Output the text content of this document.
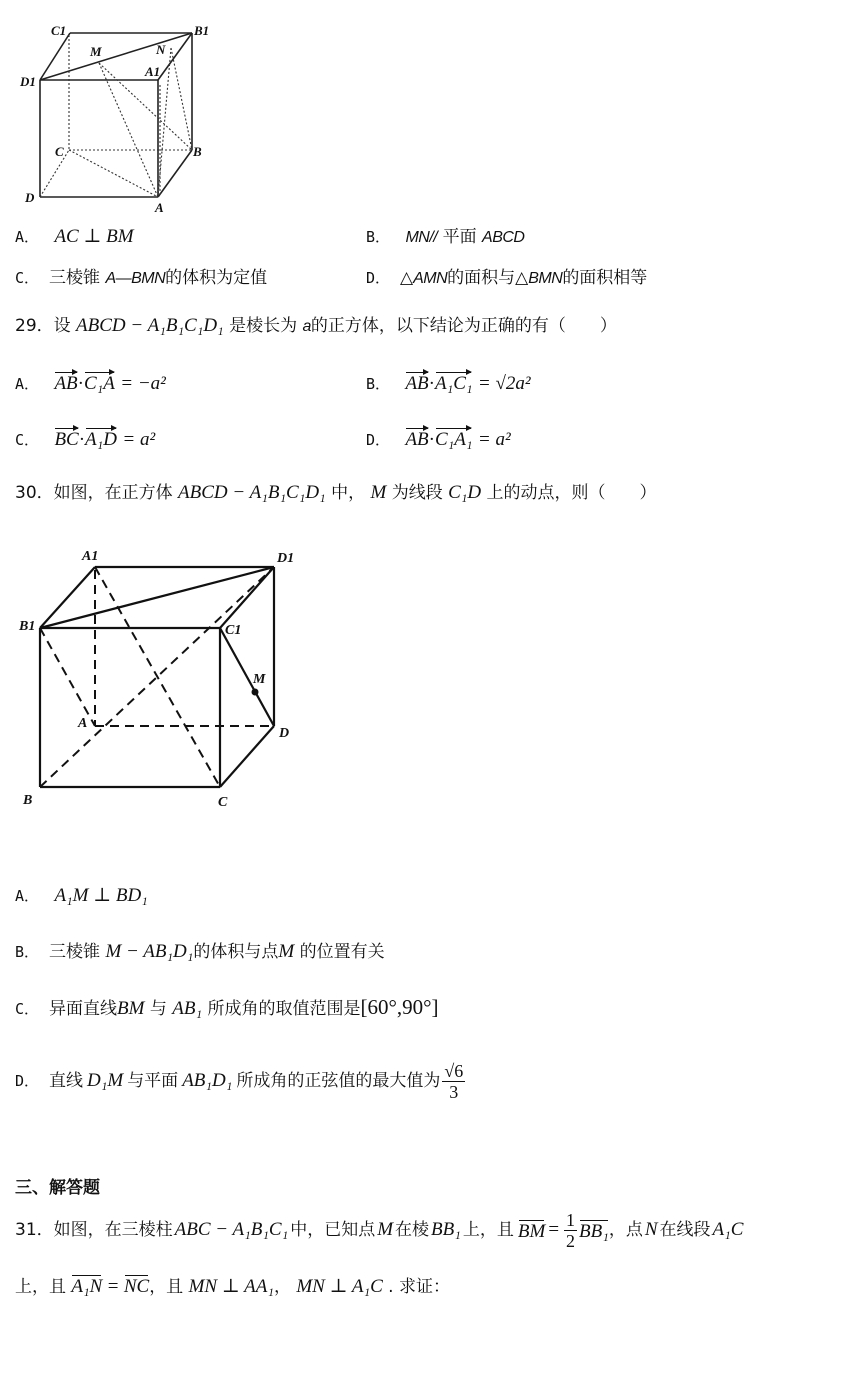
C1	B1
M	N
D1
A1
C	B
D
A
A． AC ⊥ BM	B． MN// 平面 ABCD
C． 三棱锥 A—BMN的体积为定值	D． △AMN的面积与△BMN的面积相等
29．设 ABCD − A₁B₁C₁D₁ 是棱长为 a的正方体，以下结论为正确的有（　　）
A． AB·C₁A = −a²	B． AB·A₁C₁ = √2a²
C． BC·A₁D = a²	D． AB·C₁A₁ = a²
30．如图，在正方体 ABCD − A₁B₁C₁D₁ 中， M 为线段 C₁D 上的动点，则（　　）
A1	D1
B1	C1
M
A
D
B	C
A． A₁M ⊥ BD₁
B． 三棱锥 M − AB₁D₁的体积与点M 的位置有关
C． 异面直线BM 与 AB₁ 所成角的取值范围是[60°,90°]
D． 直线 D₁M 与平面 AB₁D₁ 所成角的正弦值的最大值为 $\frac{√6}{3}$
三、解答题
31． 如图，在三棱柱 ABC − A₁B₁C₁ 中，已知点 M 在棱 BB₁ 上，且 BM = $\frac{1}{2} BB_1$ ，点 N 在线段 A₁C
上，且 A₁N = NC，且 MN ⊥ AA₁， MN ⊥ A₁C . 求证：
